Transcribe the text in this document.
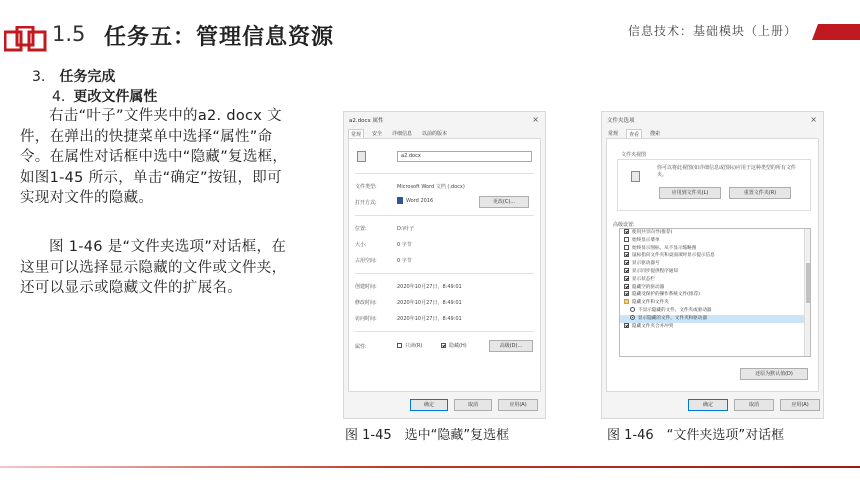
1.5 任务五：管理信息资源	信息技术：基础模块（上册）
3. 任务完成
4. 更改文件属性
右击“叶子”文件夹中的a2. docx 文件，在弹出的快捷菜单中选择“属性”命令。在属性对话框中选中“隐藏”复选框，如图1-45 所示，单击“确定”按钮，即可实现对文件的隐藏。
图 1-46 是“文件夹选项”对话框，在这里可以选择显示隐藏的文件或文件夹，还可以显示或隐藏文件的扩展名。
a2.docx 属性	×
常规	安全	详细信息	以前的版本
a2.docx
文件类型:	Microsoft Word 文档 (.docx)
打开方式:	Word 2016	更改(C)...
位置:	D:\叶子
大小:	0 字节
占用空间:	0 字节
创建时间:	2020年10月27日，8:49:01
修改时间:	2020年10月27日，8:49:01
访问时间:	2020年10月27日，8:49:01
属性:	只读(R)	隐藏(H)	高级(D)...
确定	取消	应用(A)
图 1-45　选中“隐藏”复选框
文件夹选项	×
常规	查看	搜索
文件夹视图
你可以将此视图(如详细信息或图标)应用于这种类型的所有文件夹。
应用到文件夹(L)	重置文件夹(R)
高级设置:
使用共享向导(推荐)
始终显示菜单
始终显示图标，从不显示缩略图
鼠标指向文件夹和桌面项时显示提示信息
显示驱动器号
显示同步提供程序通知
显示状态栏
隐藏空的驱动器
隐藏受保护的操作系统文件(推荐)
隐藏文件和文件夹
不显示隐藏的文件、文件夹或驱动器
显示隐藏的文件、文件夹和驱动器
隐藏文件夹合并冲突
还原为默认值(D)
确定	取消	应用(A)
图 1-46　“文件夹选项”对话框
